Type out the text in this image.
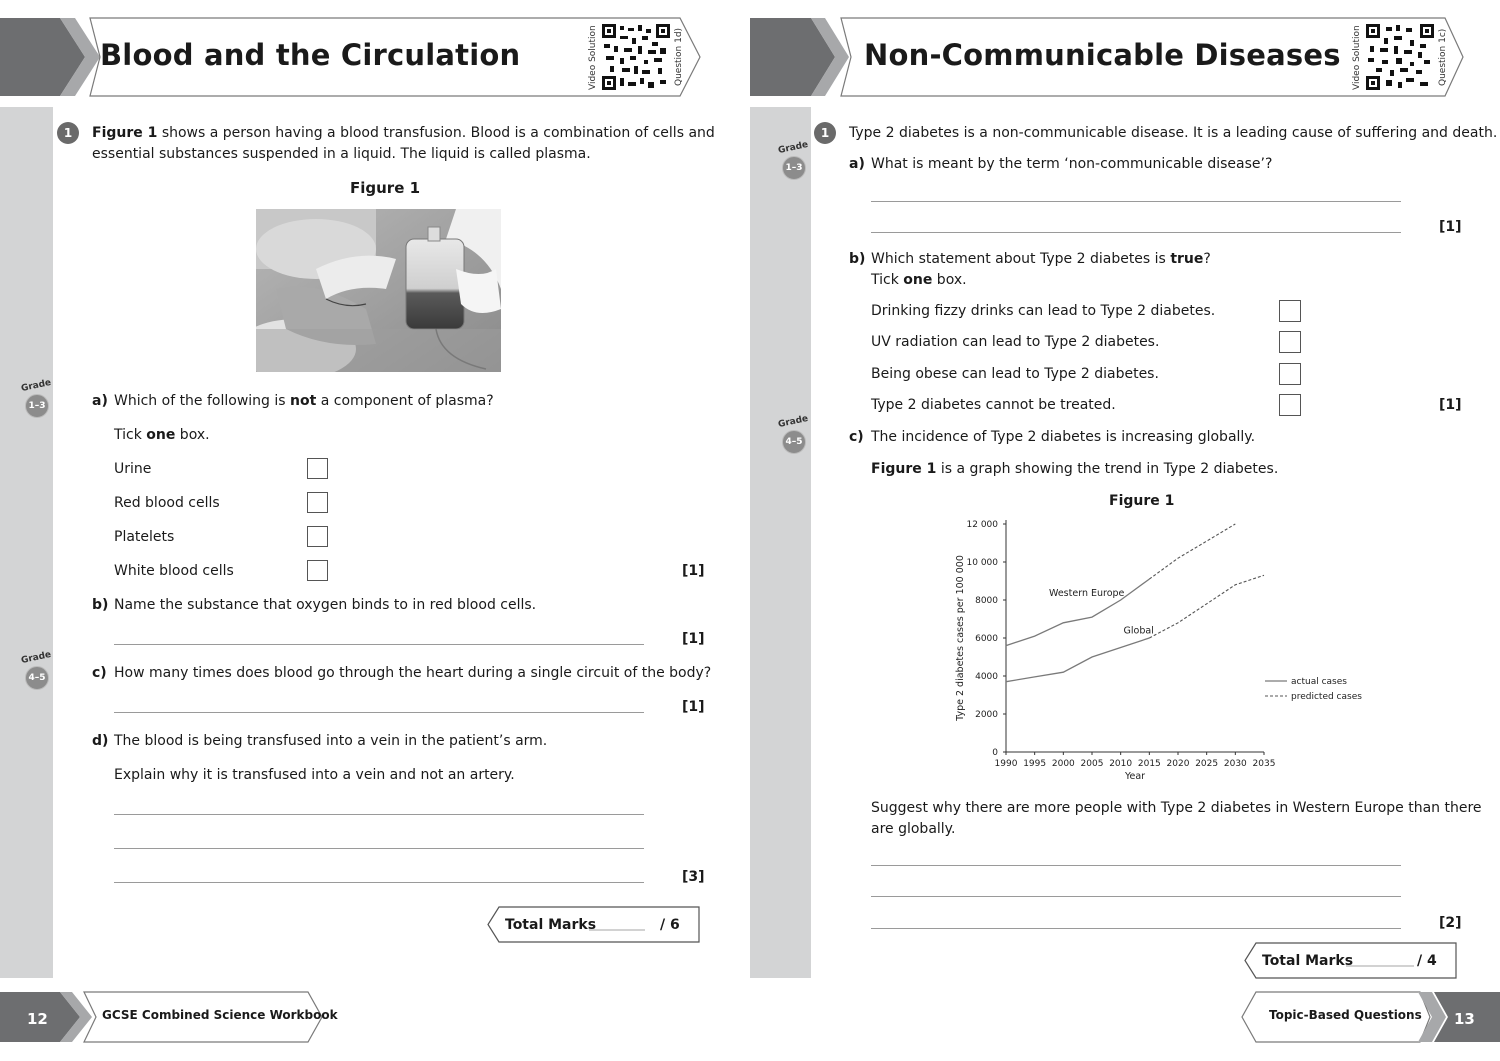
Blood and the Circulation	Video Solution	Question 1d)
1	Figure 1 shows a person having a blood transfusion. Blood is a combination of cells and
essential substances suspended in a liquid. The liquid is called plasma.
Figure 1
Grade
1–3
Grade
4–5
a) Which of the following is not a component of plasma?
Tick one box.
Urine
Red blood cells
Platelets
White blood cells	[1]
b) Name the substance that oxygen binds to in red blood cells.
[1]
c) How many times does blood go through the heart during a single circuit of the body?
[1]
d) The blood is being transfused into a vein in the patient’s arm.
Explain why it is transfused into a vein and not an artery.
[3]
Total Marks	/ 6
12	GCSE Combined Science Workbook
Non-Communicable Diseases Video Solution	Question 1c)
1	Type 2 diabetes is a non-communicable disease. It is a leading cause of suffering and death.
Grade
1–3
Grade
4–5
a) What is meant by the term ‘non-communicable disease’?
[1]
b) Which statement about Type 2 diabetes is true?
Tick one box.
Drinking fizzy drinks can lead to Type 2 diabetes.
UV radiation can lead to Type 2 diabetes.
Being obese can lead to Type 2 diabetes.
Type 2 diabetes cannot be treated.	[1]
c) The incidence of Type 2 diabetes is increasing globally.
Figure 1 is a graph showing the trend in Type 2 diabetes.
Figure 1
0
2000
4000
6000
8000
10 000
12 000
1990 1995 2000 2005 2010 2015 2020 2025 2030 2035
Year
Type 2 diabetes cases per 100 000	Western Europe
Global
actual cases
predicted cases
Suggest why there are more people with Type 2 diabetes in Western Europe than there
are globally.
[2]
Total Marks	/ 4
Topic-Based Questions 13
